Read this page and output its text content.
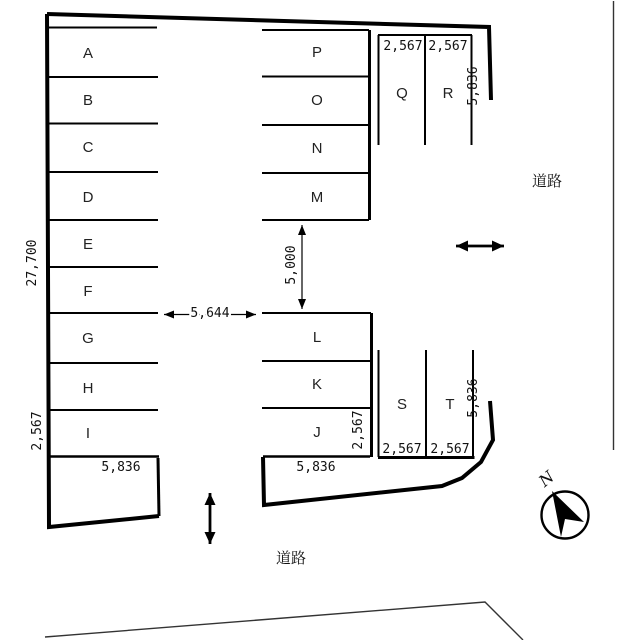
A
B
C
D
E
F
G
H
I
P
O
N
M
L
K
J
Q R
S	T
27,700
2,567
5,836
5,644
5,000
2,567
5,836
2,567 2,567
5,836
2,567 2,567
5,836
道路
道路
N
